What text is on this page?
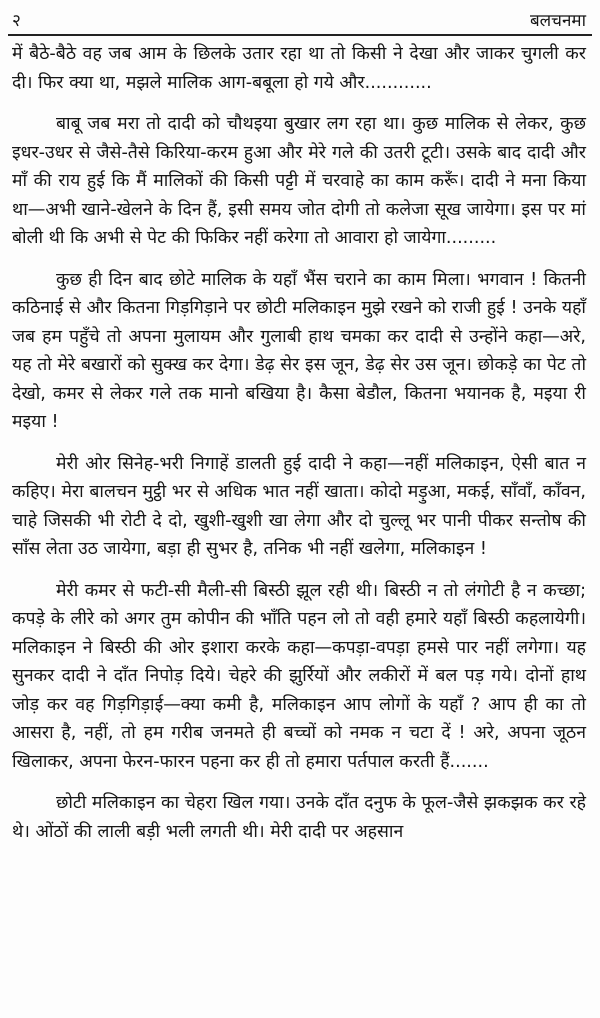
२	बलचनमा

में बैठे-बैठे वह जब आम के छिलके उतार रहा था तो किसी ने देखा और जाकर चुगली कर दी। फिर क्या था, मझले मालिक आग-बबूला हो गये और............

बाबू जब मरा तो दादी को चौथइया बुखार लग रहा था। कुछ मालिक से लेकर, कुछ इधर-उधर से जैसे-तैसे किरिया-करम हुआ और मेरे गले की उतरी टूटी। उसके बाद दादी और माँ की राय हुई कि मैं मालिकों की किसी पट्टी में चरवाहे का काम करूँ। दादी ने मना किया था—अभी खाने-खेलने के दिन हैं, इसी समय जोत दोगी तो कलेजा सूख जायेगा। इस पर मां बोली थी कि अभी से पेट की फिकिर नहीं करेगा तो आवारा हो जायेगा.........

कुछ ही दिन बाद छोटे मालिक के यहाँ भैंस चराने का काम मिला। भगवान ! कितनी कठिनाई से और कितना गिड़गिड़ाने पर छोटी मलिकाइन मुझे रखने को राजी हुई ! उनके यहाँ जब हम पहुँचे तो अपना मुलायम और गुलाबी हाथ चमका कर दादी से उन्होंने कहा—अरे, यह तो मेरे बखारों को सुक्ख कर देगा। डेढ़ सेर इस जून, डेढ़ सेर उस जून। छोकड़े का पेट तो देखो, कमर से लेकर गले तक मानो बखिया है। कैसा बेडौल, कितना भयानक है, मइया री मइया !

मेरी ओर सिनेह-भरी निगाहें डालती हुई दादी ने कहा—नहीं मलिकाइन, ऐसी बात न कहिए। मेरा बालचन मुट्ठी भर से अधिक भात नहीं खाता। कोदो मड़ुआ, मकई, साँवाँ, काँवन, चाहे जिसकी भी रोटी दे दो, खुशी-खुशी खा लेगा और दो चुल्लू भर पानी पीकर सन्तोष की साँस लेता उठ जायेगा, बड़ा ही सुभर है, तनिक भी नहीं खलेगा, मलिकाइन !

मेरी कमर से फटी-सी मैली-सी बिस्ठी झूल रही थी। बिस्ठी न तो लंगोटी है न कच्छा; कपड़े के लीरे को अगर तुम कोपीन की भाँति पहन लो तो वही हमारे यहाँ बिस्ठी कहलायेगी। मलिकाइन ने बिस्ठी की ओर इशारा करके कहा—कपड़ा-वपड़ा हमसे पार नहीं लगेगा। यह सुनकर दादी ने दाँत निपोड़ दिये। चेहरे की झुर्रियों और लकीरों में बल पड़ गये। दोनों हाथ जोड़ कर वह गिड़गिड़ाई—क्या कमी है, मलिकाइन आप लोगों के यहाँ ? आप ही का तो आसरा है, नहीं, तो हम गरीब जनमते ही बच्चों को नमक न चटा दें ! अरे, अपना जूठन खिलाकर, अपना फेरन-फारन पहना कर ही तो हमारा पर्तपाल करती हैं.......

छोटी मलिकाइन का चेहरा खिल गया। उनके दाँत दनुफ के फूल-जैसे झकझक कर रहे थे। ओंठों की लाली बड़ी भली लगती थी। मेरी दादी पर अहसान
